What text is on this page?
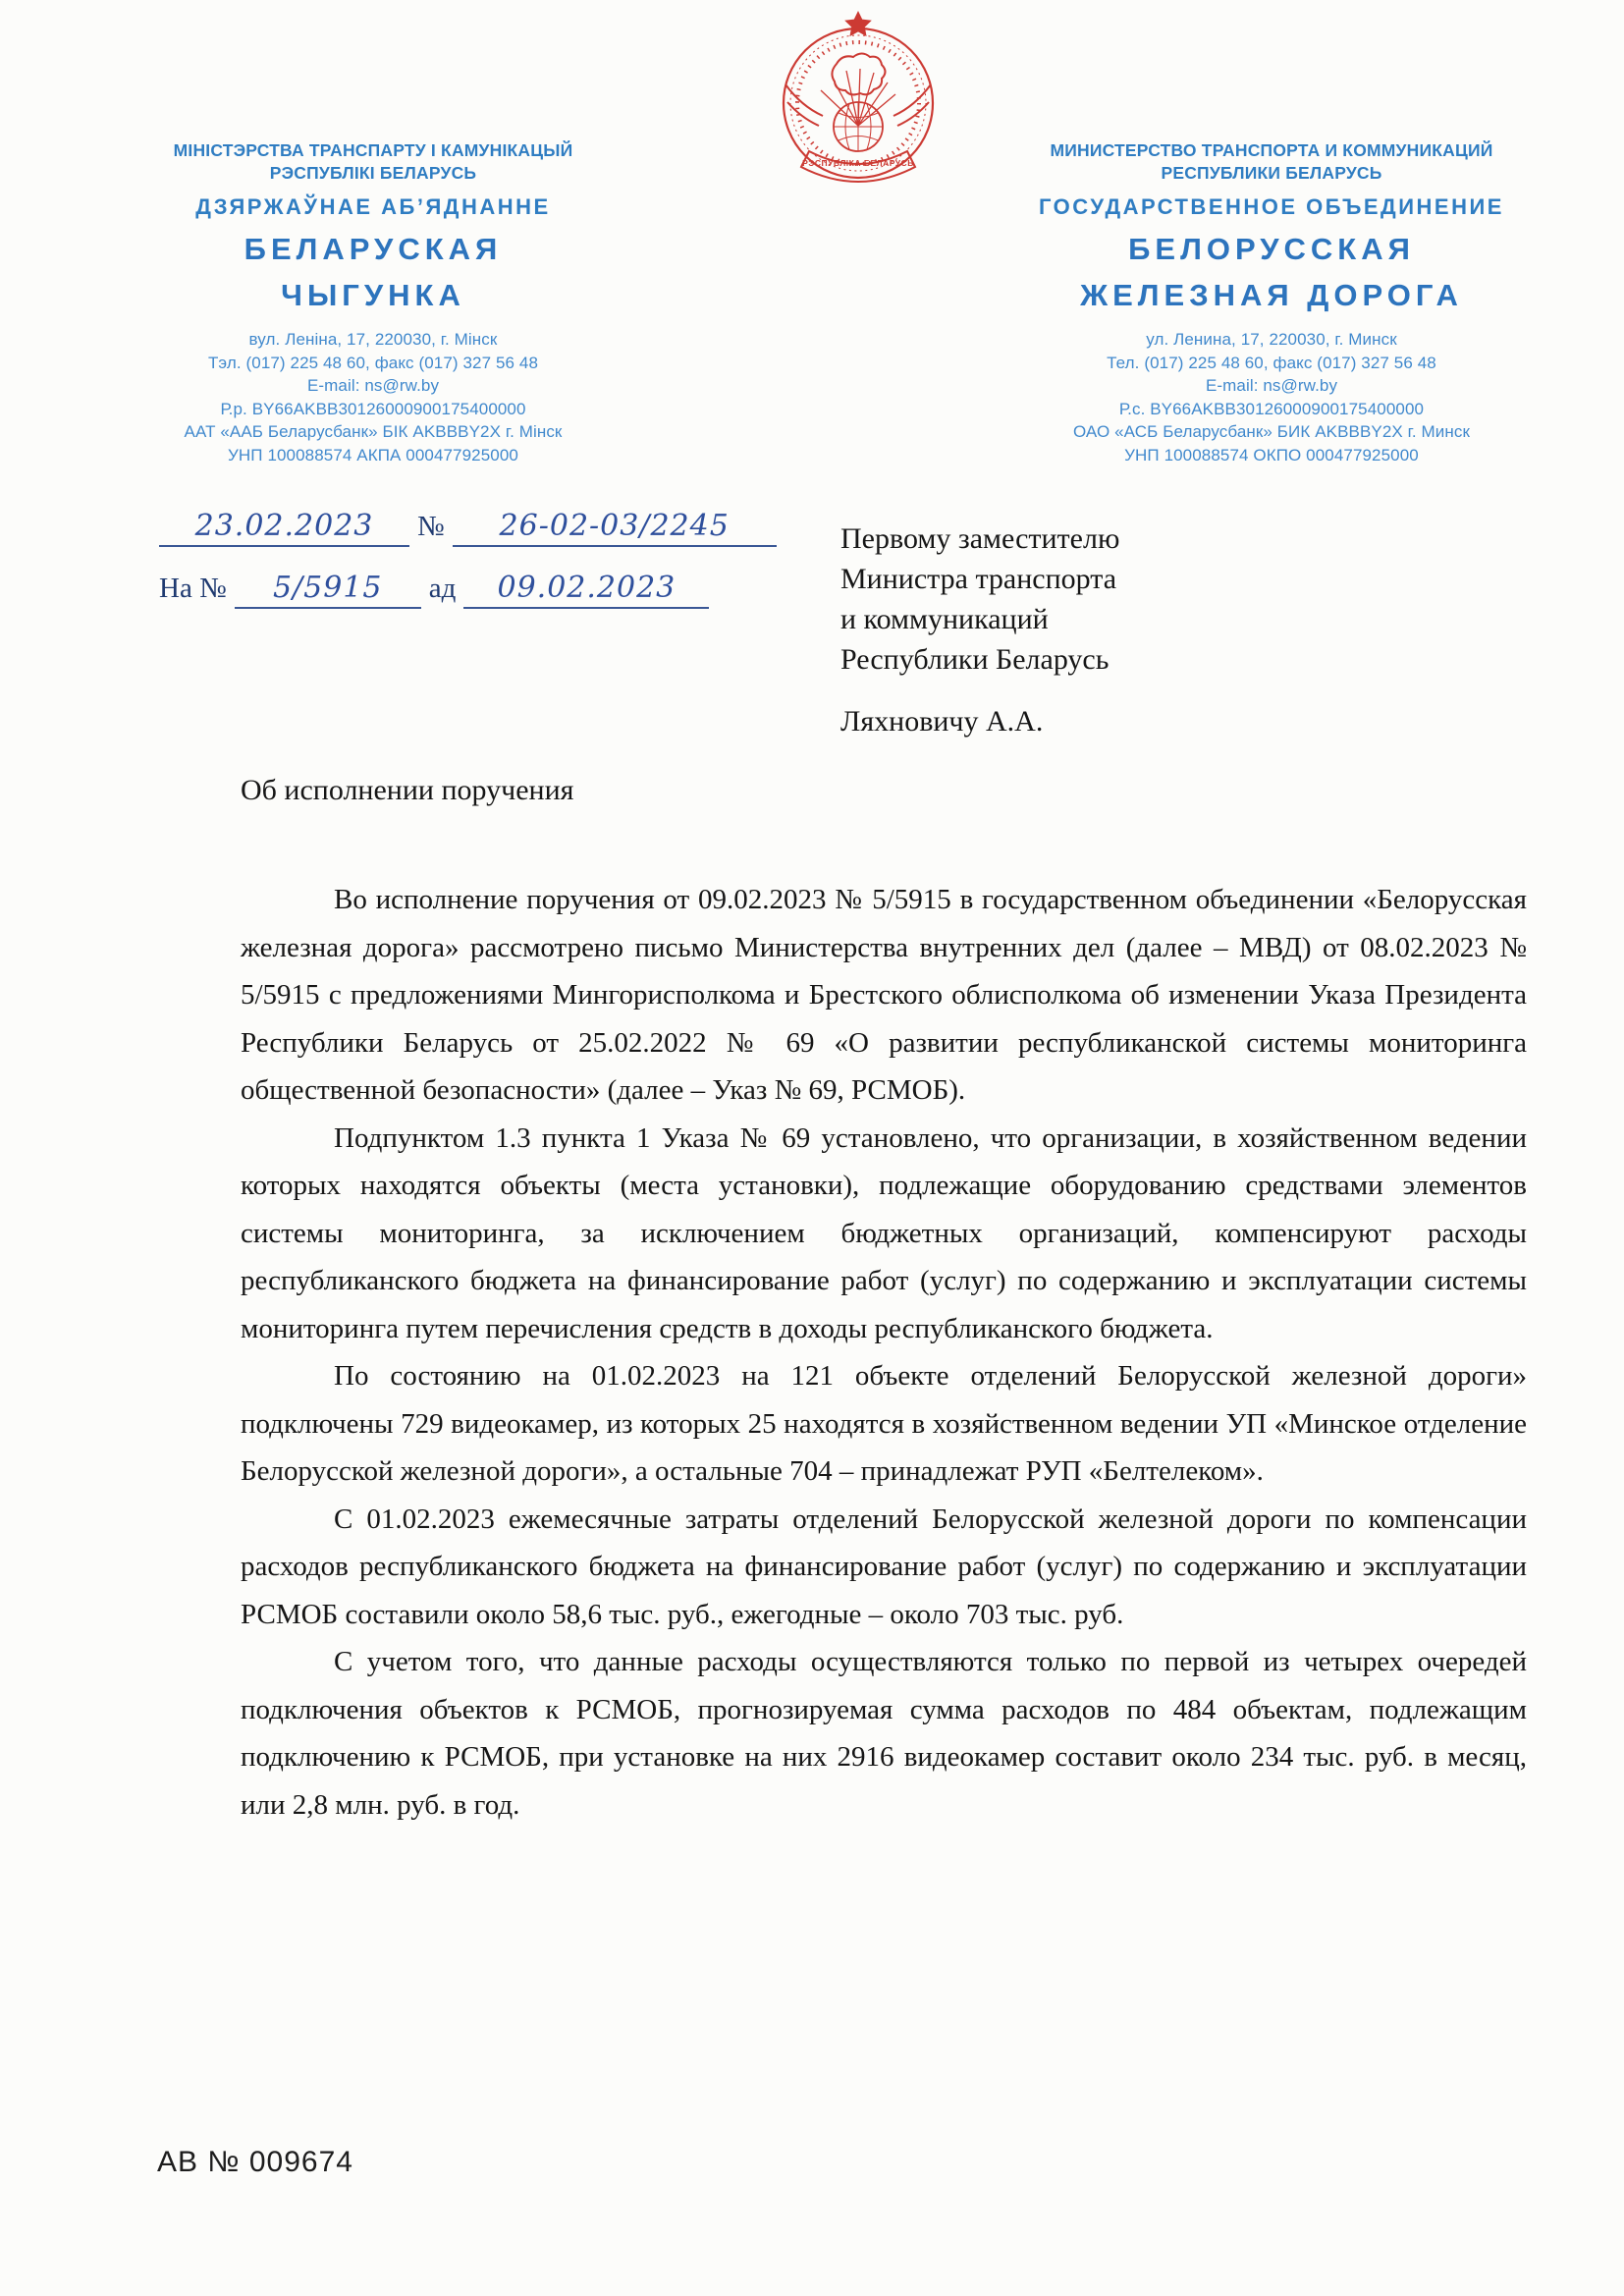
РЭСПУБЛІКА БЕЛАРУСЬ
МІНІСТЭРСТВА ТРАНСПАРТУ І КАМУНІКАЦЫЙ
РЭСПУБЛІКІ БЕЛАРУСЬ
ДЗЯРЖАЎНАЕ АБ’ЯДНАННЕ
БЕЛАРУСКАЯ
ЧЫГУНКА
вул. Леніна, 17, 220030, г. Мінск
Тэл. (017) 225 48 60, факс (017) 327 56 48
E-mail: ns@rw.by
Р.р. BY66AKBB30126000900175400000
ААТ «ААБ Беларусбанк» БІК AKBBBY2X г. Мінск
УНП 100088574 АКПА 000477925000
МИНИСТЕРСТВО ТРАНСПОРТА И КОММУНИКАЦИЙ
РЕСПУБЛИКИ БЕЛАРУСЬ
ГОСУДАРСТВЕННОЕ ОБЪЕДИНЕНИЕ
БЕЛОРУССКАЯ
ЖЕЛЕЗНАЯ ДОРОГА
ул. Ленина, 17, 220030, г. Минск
Тел. (017) 225 48 60, факс (017) 327 56 48
E-mail: ns@rw.by
Р.с. BY66AKBB30126000900175400000
ОАО «АСБ Беларусбанк» БИК AKBBBY2X г. Минск
УНП 100088574 ОКПО 000477925000
23.02.2023	№	26-02-03/2245
На №	5/5915	ад	09.02.2023
Первому заместителю
Министра транспорта
и коммуникаций
Республики Беларусь
Ляхновичу А.А.
Об исполнении поручения

Во исполнение поручения от 09.02.2023 № 5/5915 в государственном объединении «Белорусская железная дорога» рассмотрено письмо Министерства внутренних дел (далее – МВД) от 08.02.2023 № 5/5915 с предложениями Мингорисполкома и Брестского облисполкома об изменении Указа Президента Республики Беларусь от 25.02.2022 № 69 «О развитии республиканской системы мониторинга общественной безопасности» (далее – Указ № 69, РСМОБ).

Подпунктом 1.3 пункта 1 Указа № 69 установлено, что организации, в хозяйственном ведении которых находятся объекты (места установки), подлежащие оборудованию средствами элементов системы мониторинга, за исключением бюджетных организаций, компенсируют расходы республиканского бюджета на финансирование работ (услуг) по содержанию и эксплуатации системы мониторинга путем перечисления средств в доходы республиканского бюджета.

По состоянию на 01.02.2023 на 121 объекте отделений Белорусской железной дороги» подключены 729 видеокамер, из которых 25 находятся в хозяйственном ведении УП «Минское отделение Белорусской железной дороги», а остальные 704 – принадлежат РУП «Белтелеком».

С 01.02.2023 ежемесячные затраты отделений Белорусской железной дороги по компенсации расходов республиканского бюджета на финансирование работ (услуг) по содержанию и эксплуатации РСМОБ составили около 58,6 тыс. руб., ежегодные – около 703 тыс. руб.

С учетом того, что данные расходы осуществляются только по первой из четырех очередей подключения объектов к РСМОБ, прогнозируемая сумма расходов по 484 объектам, подлежащим подключению к РСМОБ, при установке на них 2916 видеокамер составит около 234 тыс. руб. в месяц, или 2,8 млн. руб. в год.

АВ № 009674
